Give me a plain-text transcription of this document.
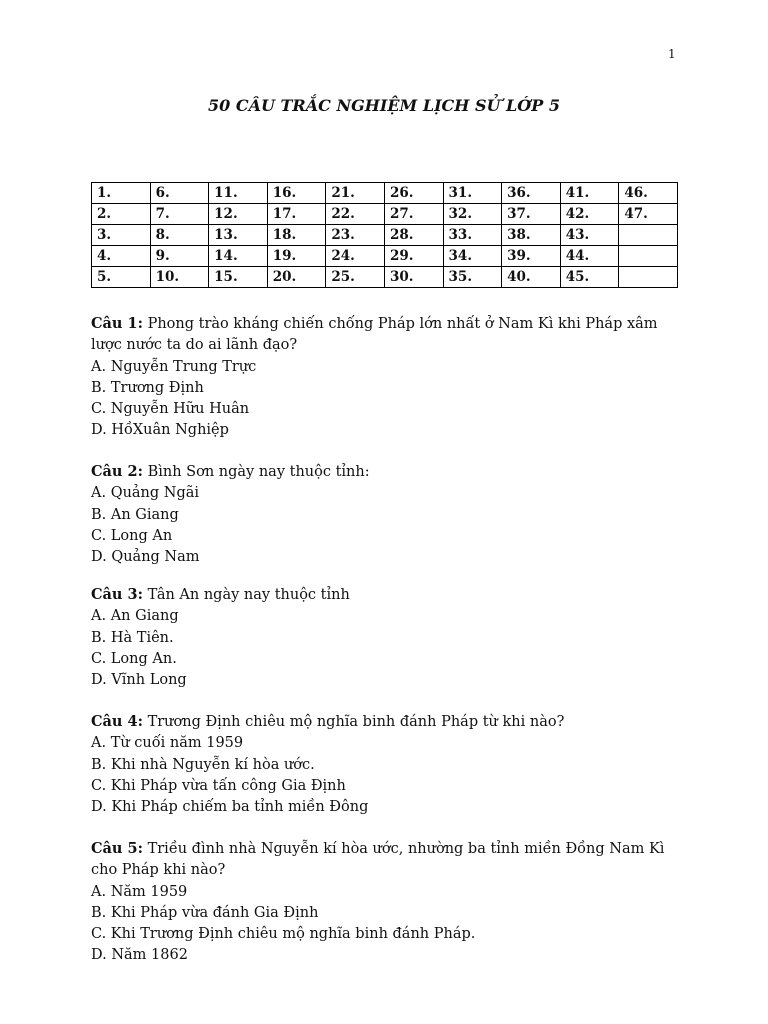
1
50 CÂU TRẮC NGHIỆM LỊCH SỬ LỚP 5
1.	6.	11.	16.	21.	26.	31.	36.	41.	46.
2.	7.	12.	17.	22.	27.	32.	37.	42.	47.
3.	8.	13.	18.	23.	28.	33.	38.	43.	
4.	9.	14.	19.	24.	29.	34.	39.	44.	
5.	10.	15.	20.	25.	30.	35.	40.	45.	
Câu 1: Phong trào kháng chiến chống Pháp lớn nhất ở Nam Kì khi Pháp xâm lược nước ta do ai lãnh đạo?
A. Nguyễn Trung Trực
B. Trương Định
C. Nguyễn Hữu Huân
D. HồXuân Nghiệp
Câu 2: Bình Sơn ngày nay thuộc tỉnh:
A. Quảng Ngãi
B. An Giang
C. Long An
D. Quảng Nam
Câu 3: Tân An ngày nay thuộc tỉnh
A. An Giang
B. Hà Tiên.
C. Long An.
D. Vĩnh Long
Câu 4: Trương Định chiêu mộ nghĩa binh đánh Pháp từ khi nào?
A. Từ cuối năm 1959
B. Khi nhà Nguyễn kí hòa ước.
C. Khi Pháp vừa tấn công Gia Định
D. Khi Pháp chiếm ba tỉnh miền Đông
Câu 5: Triều đình nhà Nguyễn kí hòa ước, nhường ba tỉnh miền Đồng Nam Kì cho Pháp khi nào?
A. Năm 1959
B. Khi Pháp vừa đánh Gia Định
C. Khi Trương Định chiêu mộ nghĩa binh đánh Pháp.
D. Năm 1862
